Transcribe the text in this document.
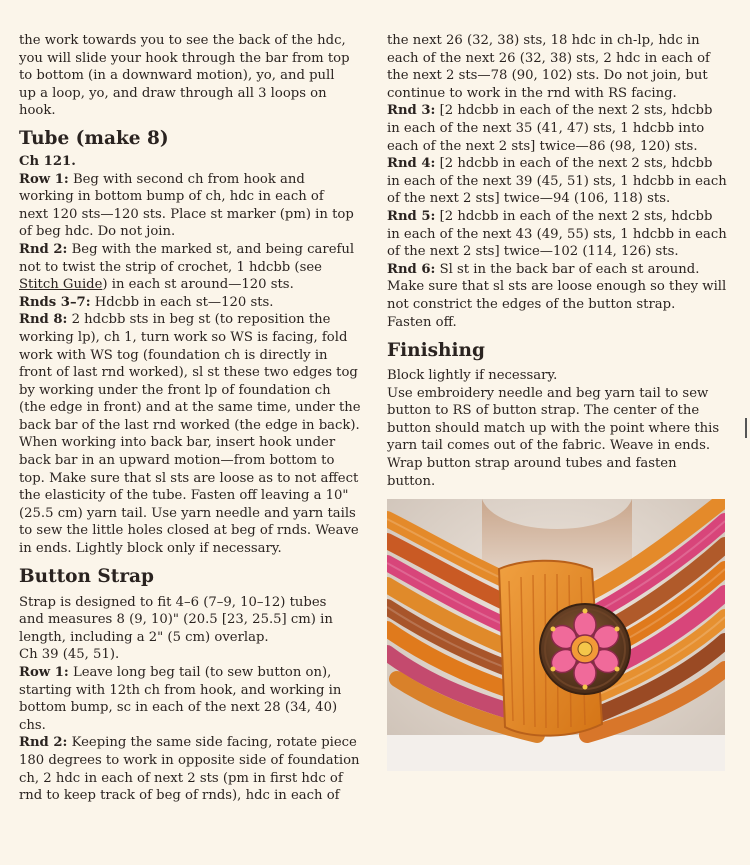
the work towards you to see the back of the hdc,

you will slide your hook through the bar from top

to bottom (in a downward motion), yo, and pull

up a loop, yo, and draw through all 3 loops on

hook.

Tube (make 8)

Ch 121.

Row 1: Beg with second ch from hook and

working in bottom bump of ch, hdc in each of

next 120 sts—120 sts. Place st marker (pm) in top

of beg hdc. Do not join.

Rnd 2: Beg with the marked st, and being careful

not to twist the strip of crochet, 1 hdcbb (see

Stitch Guide) in each st around—120 sts.

Rnds 3–7: Hdcbb in each st—120 sts.

Rnd 8: 2 hdcbb sts in beg st (to reposition the

working lp), ch 1, turn work so WS is facing, fold

work with WS tog (foundation ch is directly in

front of last rnd worked), sl st these two edges tog

by working under the front lp of foundation ch

(the edge in front) and at the same time, under the

back bar of the last rnd worked (the edge in back).

When working into back bar, insert hook under

back bar in an upward motion—from bottom to

top. Make sure that sl sts are loose as to not affect

the elasticity of the tube. Fasten off leaving a 10"

(25.5 cm) yarn tail. Use yarn needle and yarn tails

to sew the little holes closed at beg of rnds. Weave

in ends. Lightly block only if necessary.

Button Strap

Strap is designed to fit 4–6 (7–9, 10–12) tubes

and measures 8 (9, 10)" (20.5 [23, 25.5] cm) in

length, including a 2" (5 cm) overlap.

Ch 39 (45, 51).

Row 1: Leave long beg tail (to sew button on),

starting with 12th ch from hook, and working in

bottom bump, sc in each of the next 28 (34, 40)

chs.

Rnd 2: Keeping the same side facing, rotate piece

180 degrees to work in opposite side of foundation

ch, 2 hdc in each of next 2 sts (pm in first hdc of

rnd to keep track of beg of rnds), hdc in each of

the next 26 (32, 38) sts, 18 hdc in ch-lp, hdc in

each of the next 26 (32, 38) sts, 2 hdc in each of

the next 2 sts—78 (90, 102) sts. Do not join, but

continue to work in the rnd with RS facing.

Rnd 3: [2 hdcbb in each of the next 2 sts, hdcbb

in each of the next 35 (41, 47) sts, 1 hdcbb into

each of the next 2 sts] twice—86 (98, 120) sts.

Rnd 4: [2 hdcbb in each of the next 2 sts, hdcbb

in each of the next 39 (45, 51) sts, 1 hdcbb in each

of the next 2 sts] twice—94 (106, 118) sts.

Rnd 5: [2 hdcbb in each of the next 2 sts, hdcbb

in each of the next 43 (49, 55) sts, 1 hdcbb in each

of the next 2 sts] twice—102 (114, 126) sts.

Rnd 6: Sl st in the back bar of each st around.

Make sure that sl sts are loose enough so they will

not constrict the edges of the button strap.

Fasten off.

Finishing

Block lightly if necessary.

Use embroidery needle and beg yarn tail to sew

button to RS of button strap. The center of the

button should match up with the point where this

yarn tail comes out of the fabric. Weave in ends.

Wrap button strap around tubes and fasten

button.
